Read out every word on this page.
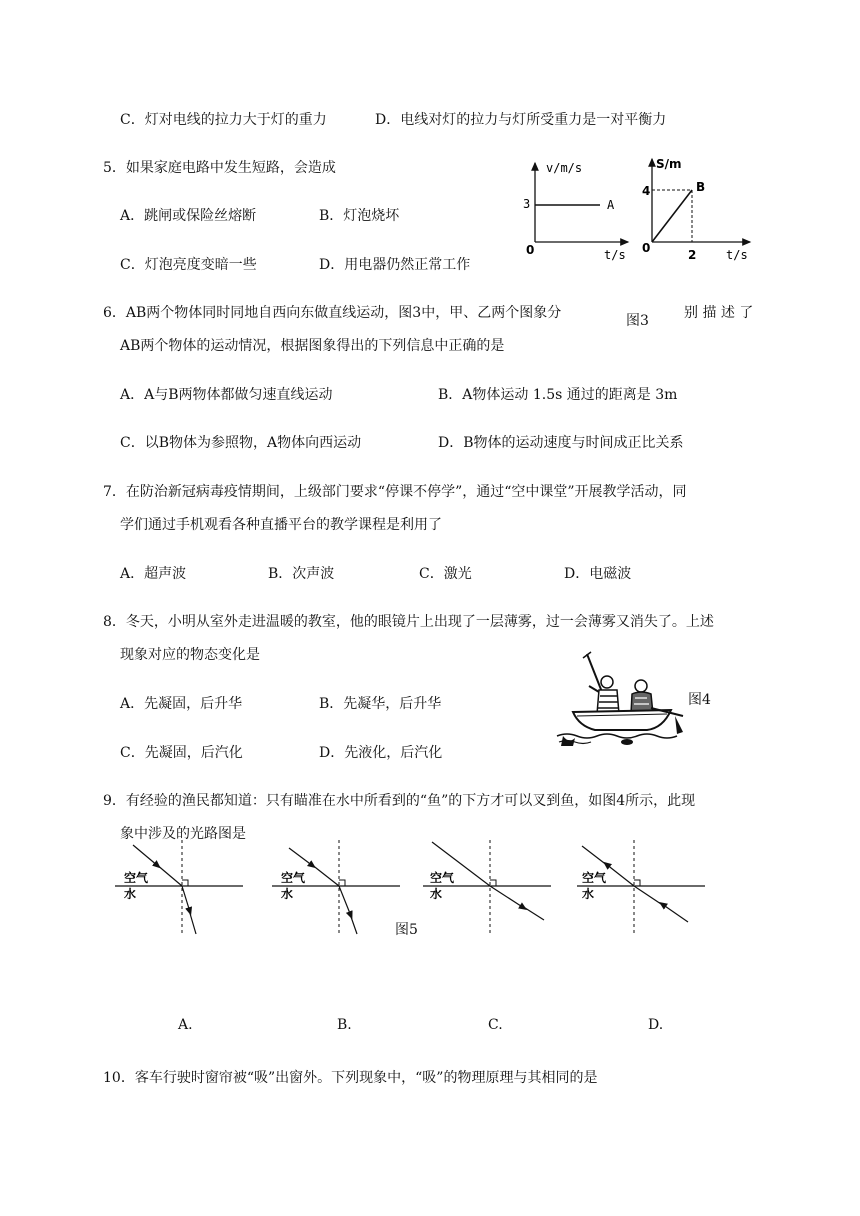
C．灯对电线的拉力大于灯的重力	D．电线对灯的拉力与灯所受重力是一对平衡力
5．如果家庭电路中发生短路，会造成
A．跳闸或保险丝熔断	B．灯泡烧坏
C．灯泡亮度变暗一些	D．用电器仍然正常工作
v/m/s
3	A
0	t/s
S/m
4	B
0	2 t/s
6．AB两个物体同时同地自西向东做直线运动，图3中，甲、乙两个图象分	图3	别 描 述 了
AB两个物体的运动情况，根据图象得出的下列信息中正确的是
A．A与B两物体都做匀速直线运动	B．A物体运动 1.5s 通过的距离是 3m
C．以B物体为参照物，A物体向西运动	D．B物体的运动速度与时间成正比关系
7．在防治新冠病毒疫情期间，上级部门要求“停课不停学”，通过“空中课堂”开展教学活动，同
学们通过手机观看各种直播平台的教学课程是利用了
A．超声波	B．次声波	C．激光	D．电磁波
8．冬天，小明从室外走进温暖的教室，他的眼镜片上出现了一层薄雾，过一会薄雾又消失了。上述
现象对应的物态变化是
A．先凝固，后升华	B．先凝华，后升华
C．先凝固，后汽化	D．先液化，后汽化
图4
9．有经验的渔民都知道：只有瞄准在水中所看到的“鱼”的下方才可以叉到鱼，如图4所示，此现
象中涉及的光路图是
空气
水
空气
水
空气
水
空气
水
图5
A.	B.	C.	D.
10．客车行驶时窗帘被“吸”出窗外。下列现象中，“吸”的物理原理与其相同的是
